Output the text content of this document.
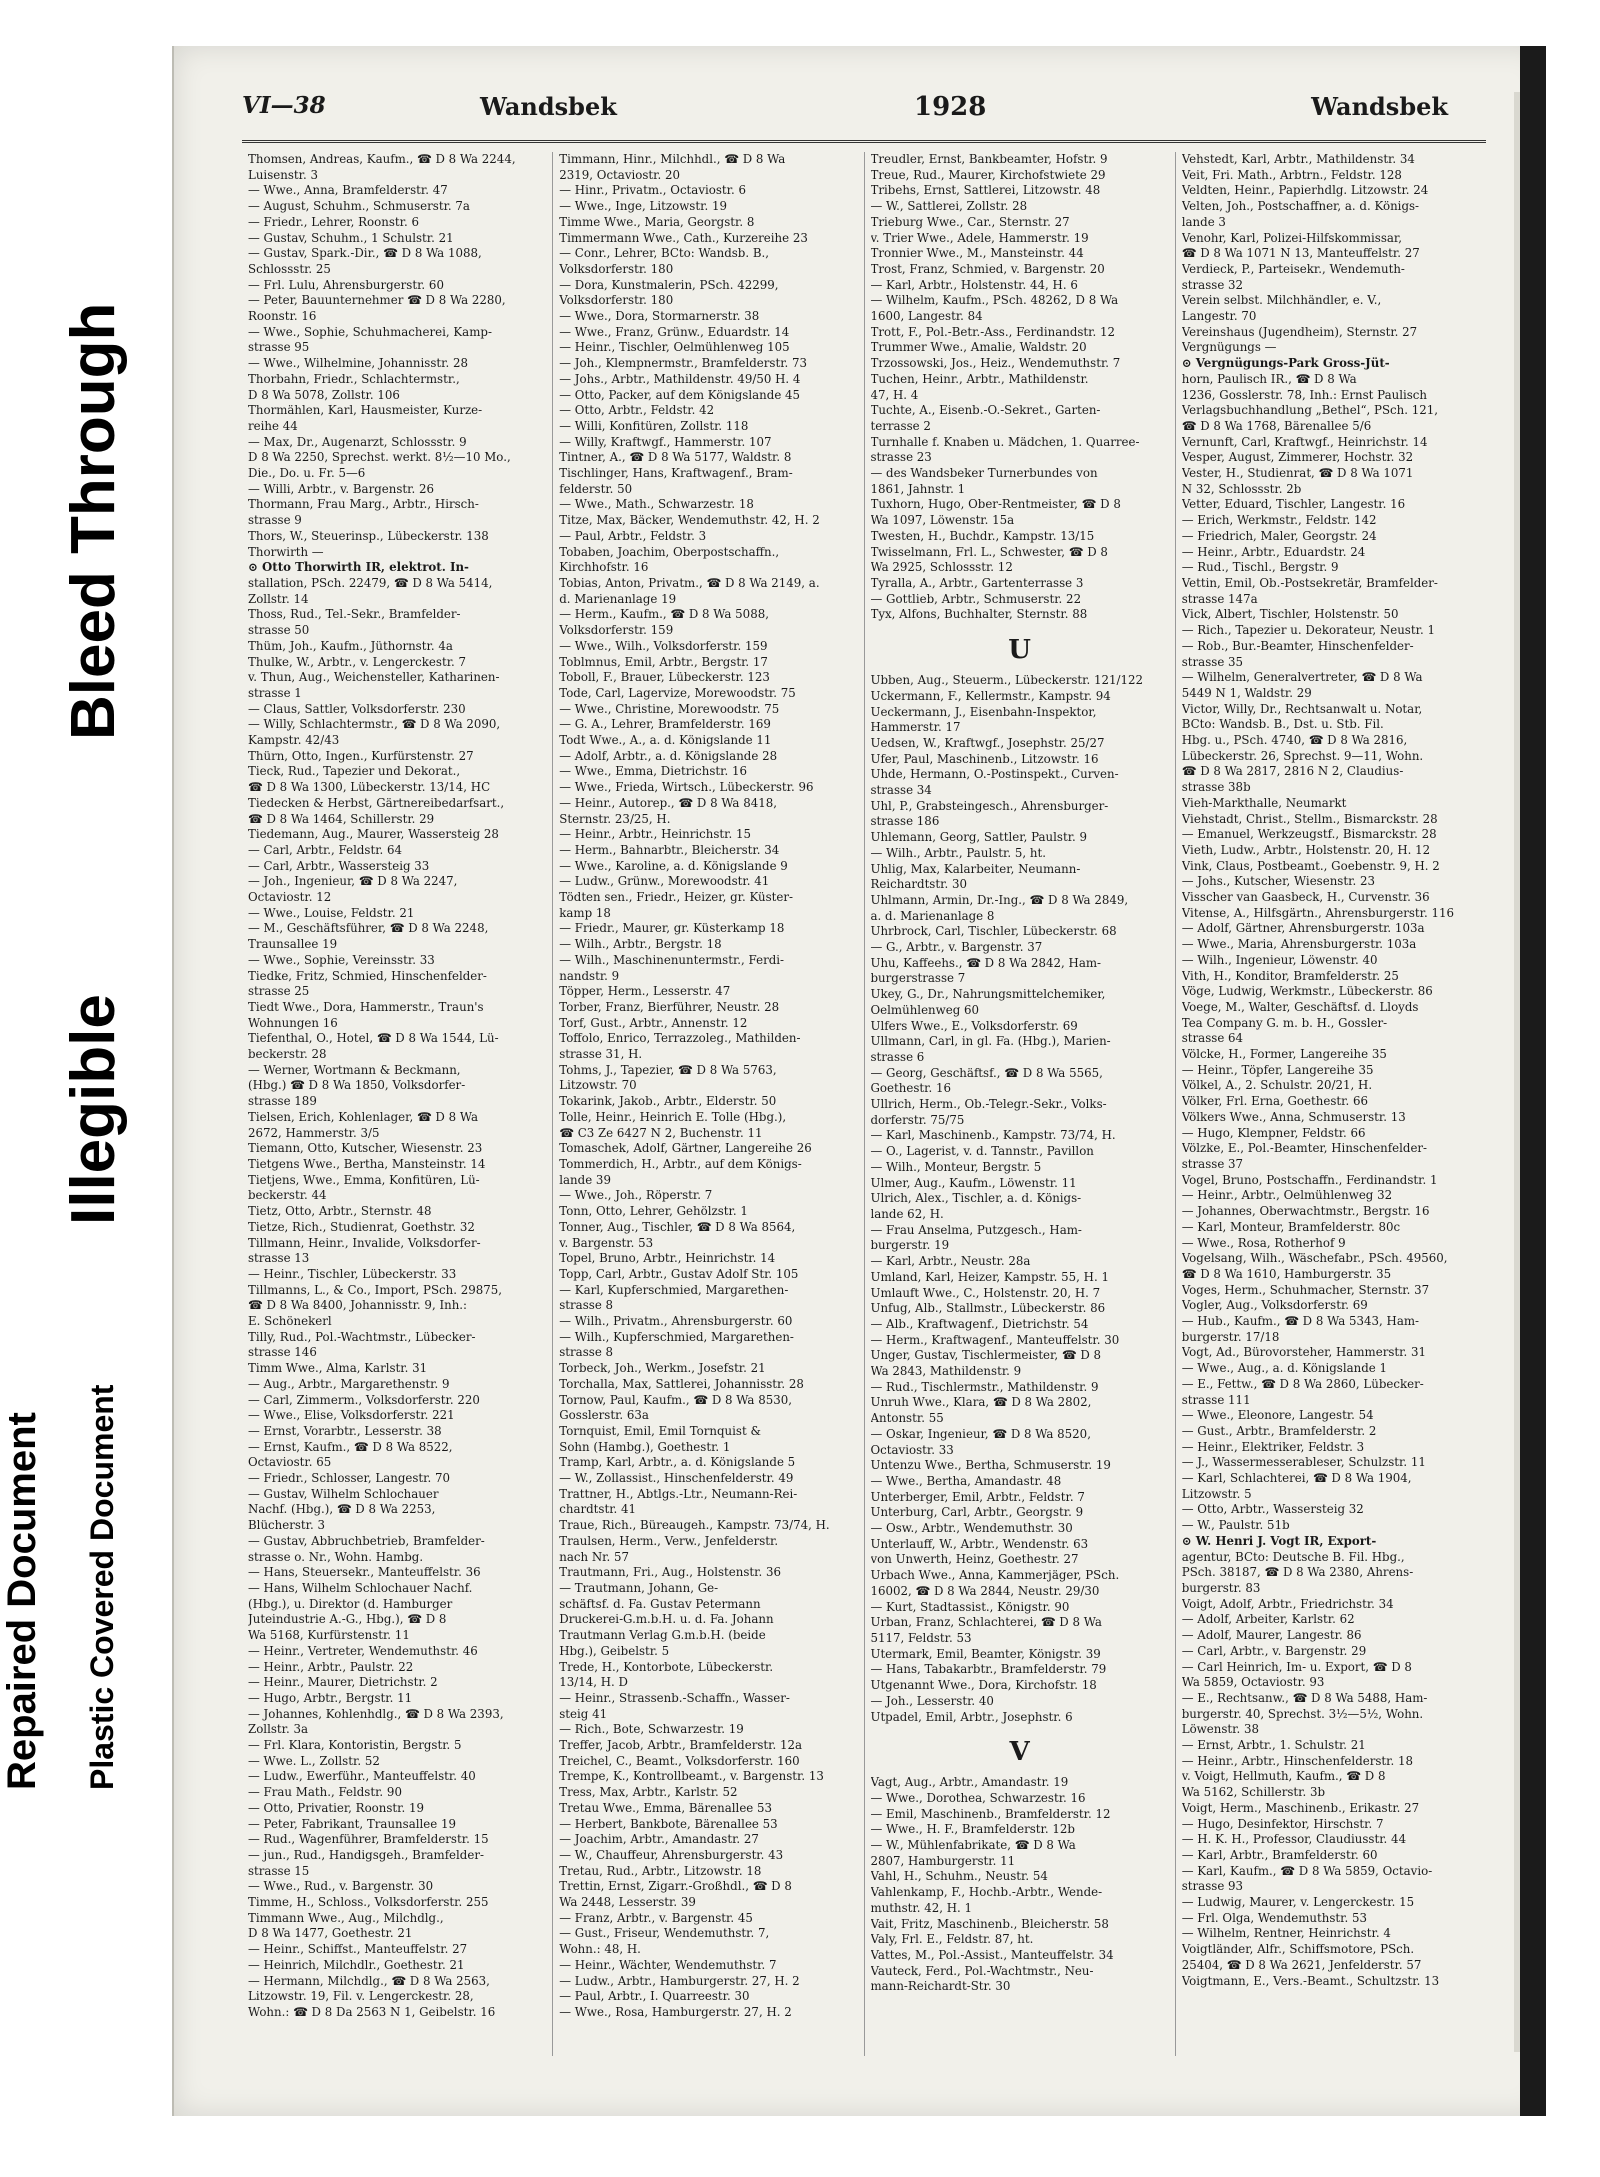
Bleed Through
Illegible
Repaired Document Plastic Covered Document
VI—38	Wandsbek	1928	Wandsbek
Thomsen, Andreas, Kaufm., ☎ D 8 Wa 2244,
Luisenstr. 3
— Wwe., Anna, Bramfelderstr. 47
— August, Schuhm., Schmuserstr. 7a
— Friedr., Lehrer, Roonstr. 6
— Gustav, Schuhm., 1 Schulstr. 21
— Gustav, Spark.-Dir., ☎ D 8 Wa 1088,
Schlossstr. 25
— Frl. Lulu, Ahrensburgerstr. 60
— Peter, Bauunternehmer ☎ D 8 Wa 2280,
Roonstr. 16
— Wwe., Sophie, Schuhmacherei, Kamp-
strasse 95
— Wwe., Wilhelmine, Johannisstr. 28
Thorbahn, Friedr., Schlachtermstr.,
D 8 Wa 5078, Zollstr. 106
Thormählen, Karl, Hausmeister, Kurze-
reihe 44
— Max, Dr., Augenarzt, Schlossstr. 9
D 8 Wa 2250, Sprechst. werkt. 8½—10 Mo.,
Die., Do. u. Fr. 5—6
— Willi, Arbtr., v. Bargenstr. 26
Thormann, Frau Marg., Arbtr., Hirsch-
strasse 9
Thors, W., Steuerinsp., Lübeckerstr. 138
Thorwirth —
⊙ Otto Thorwirth IR, elektrot. In-
stallation, PSch. 22479, ☎ D 8 Wa 5414,
Zollstr. 14
Thoss, Rud., Tel.-Sekr., Bramfelder-
strasse 50
Thüm, Joh., Kaufm., Jüthornstr. 4a
Thulke, W., Arbtr., v. Lengerckestr. 7
v. Thun, Aug., Weichensteller, Katharinen-
strasse 1
— Claus, Sattler, Volksdorferstr. 230
— Willy, Schlachtermstr., ☎ D 8 Wa 2090,
Kampstr. 42/43
Thürn, Otto, Ingen., Kurfürstenstr. 27
Tieck, Rud., Tapezier und Dekorat.,
☎ D 8 Wa 1300, Lübeckerstr. 13/14, HC
Tiedecken & Herbst, Gärtnereibedarfsart.,
☎ D 8 Wa 1464, Schillerstr. 29
Tiedemann, Aug., Maurer, Wassersteig 28
— Carl, Arbtr., Feldstr. 64
— Carl, Arbtr., Wassersteig 33
— Joh., Ingenieur, ☎ D 8 Wa 2247,
Octaviostr. 12
— Wwe., Louise, Feldstr. 21
— M., Geschäftsführer, ☎ D 8 Wa 2248,
Traunsallee 19
— Wwe., Sophie, Vereinsstr. 33
Tiedke, Fritz, Schmied, Hinschenfelder-
strasse 25
Tiedt Wwe., Dora, Hammerstr., Traun's
Wohnungen 16
Tiefenthal, O., Hotel, ☎ D 8 Wa 1544, Lü-
beckerstr. 28
— Werner, Wortmann & Beckmann,
(Hbg.) ☎ D 8 Wa 1850, Volksdorfer-
strasse 189
Tielsen, Erich, Kohlenlager, ☎ D 8 Wa
2672, Hammerstr. 3/5
Tiemann, Otto, Kutscher, Wiesenstr. 23
Tietgens Wwe., Bertha, Mansteinstr. 14
Tietjens, Wwe., Emma, Konfitüren, Lü-
beckerstr. 44
Tietz, Otto, Arbtr., Sternstr. 48
Tietze, Rich., Studienrat, Goethstr. 32
Tillmann, Heinr., Invalide, Volksdorfer-
strasse 13
— Heinr., Tischler, Lübeckerstr. 33
Tillmanns, L., & Co., Import, PSch. 29875,
☎ D 8 Wa 8400, Johannisstr. 9, Inh.:
E. Schönekerl
Tilly, Rud., Pol.-Wachtmstr., Lübecker-
strasse 146
Timm Wwe., Alma, Karlstr. 31
— Aug., Arbtr., Margarethenstr. 9
— Carl, Zimmerm., Volksdorferstr. 220
— Wwe., Elise, Volksdorferstr. 221
— Ernst, Vorarbtr., Lesserstr. 38
— Ernst, Kaufm., ☎ D 8 Wa 8522,
Octaviostr. 65
— Friedr., Schlosser, Langestr. 70
— Gustav, Wilhelm Schlochauer
Nachf. (Hbg.), ☎ D 8 Wa 2253,
Blücherstr. 3
— Gustav, Abbruchbetrieb, Bramfelder-
strasse o. Nr., Wohn. Hambg.
— Hans, Steuersekr., Manteuffelstr. 36
— Hans, Wilhelm Schlochauer Nachf.
(Hbg.), u. Direktor (d. Hamburger
Juteindustrie A.-G., Hbg.), ☎ D 8
Wa 5168, Kurfürstenstr. 11
— Heinr., Vertreter, Wendemuthstr. 46
— Heinr., Arbtr., Paulstr. 22
— Heinr., Maurer, Dietrichstr. 2
— Hugo, Arbtr., Bergstr. 11
— Johannes, Kohlenhdlg., ☎ D 8 Wa 2393,
Zollstr. 3a
— Frl. Klara, Kontoristin, Bergstr. 5
— Wwe. L., Zollstr. 52
— Ludw., Ewerführ., Manteuffelstr. 40
— Frau Math., Feldstr. 90
— Otto, Privatier, Roonstr. 19
— Peter, Fabrikant, Traunsallee 19
— Rud., Wagenführer, Bramfelderstr. 15
— jun., Rud., Handigsgeh., Bramfelder-
strasse 15
— Wwe., Rud., v. Bargenstr. 30
Timme, H., Schloss., Volksdorferstr. 255
Timmann Wwe., Aug., Milchdlg.,
D 8 Wa 1477, Goethestr. 21
— Heinr., Schiffst., Manteuffelstr. 27
— Heinrich, Milchdlr., Goethestr. 21
— Hermann, Milchdlg., ☎ D 8 Wa 2563,
Litzowstr. 19, Fil. v. Lengerckestr. 28,
Wohn.: ☎ D 8 Da 2563 N 1, Geibelstr. 16
Timmann, Hinr., Milchhdl., ☎ D 8 Wa
2319, Octaviostr. 20
— Hinr., Privatm., Octaviostr. 6
— Wwe., Inge, Litzowstr. 19
Timme Wwe., Maria, Georgstr. 8
Timmermann Wwe., Cath., Kurzereihe 23
— Conr., Lehrer, BCto: Wandsb. B.,
Volksdorferstr. 180
— Dora, Kunstmalerin, PSch. 42299,
Volksdorferstr. 180
— Wwe., Dora, Stormarnerstr. 38
— Wwe., Franz, Grünw., Eduardstr. 14
— Heinr., Tischler, Oelmühlenweg 105
— Joh., Klempnermstr., Bramfelderstr. 73
— Johs., Arbtr., Mathildenstr. 49/50 H. 4
— Otto, Packer, auf dem Königslande 45
— Otto, Arbtr., Feldstr. 42
— Willi, Konfitüren, Zollstr. 118
— Willy, Kraftwgf., Hammerstr. 107
Tintner, A., ☎ D 8 Wa 5177, Waldstr. 8
Tischlinger, Hans, Kraftwagenf., Bram-
felderstr. 50
— Wwe., Math., Schwarzestr. 18
Titze, Max, Bäcker, Wendemuthstr. 42, H. 2
— Paul, Arbtr., Feldstr. 3
Tobaben, Joachim, Oberpostschaffn.,
Kirchhofstr. 16
Tobias, Anton, Privatm., ☎ D 8 Wa 2149, a.
d. Marienanlage 19
— Herm., Kaufm., ☎ D 8 Wa 5088,
Volksdorferstr. 159
— Wwe., Wilh., Volksdorferstr. 159
Toblmnus, Emil, Arbtr., Bergstr. 17
Toboll, F., Brauer, Lübeckerstr. 123
Tode, Carl, Lagervize, Morewoodstr. 75
— Wwe., Christine, Morewoodstr. 75
— G. A., Lehrer, Bramfelderstr. 169
Todt Wwe., A., a. d. Königslande 11
— Adolf, Arbtr., a. d. Königslande 28
— Wwe., Emma, Dietrichstr. 16
— Wwe., Frieda, Wirtsch., Lübeckerstr. 96
— Heinr., Autorep., ☎ D 8 Wa 8418,
Sternstr. 23/25, H.
— Heinr., Arbtr., Heinrichstr. 15
— Herm., Bahnarbtr., Bleicherstr. 34
— Wwe., Karoline, a. d. Königslande 9
— Ludw., Grünw., Morewoodstr. 41
Tödten sen., Friedr., Heizer, gr. Küster-
kamp 18
— Friedr., Maurer, gr. Küsterkamp 18
— Wilh., Arbtr., Bergstr. 18
— Wilh., Maschinenuntermstr., Ferdi-
nandstr. 9
Töpper, Herm., Lesserstr. 47
Torber, Franz, Bierführer, Neustr. 28
Torf, Gust., Arbtr., Annenstr. 12
Toffolo, Enrico, Terrazzoleg., Mathilden-
strasse 31, H.
Tohms, J., Tapezier, ☎ D 8 Wa 5763,
Litzowstr. 70
Tokarink, Jakob., Arbtr., Elderstr. 50
Tolle, Heinr., Heinrich E. Tolle (Hbg.),
☎ C3 Ze 6427 N 2, Buchenstr. 11
Tomaschek, Adolf, Gärtner, Langereihe 26
Tommerdich, H., Arbtr., auf dem Königs-
lande 39
— Wwe., Joh., Röperstr. 7
Tonn, Otto, Lehrer, Gehölzstr. 1
Tonner, Aug., Tischler, ☎ D 8 Wa 8564,
v. Bargenstr. 53
Topel, Bruno, Arbtr., Heinrichstr. 14
Topp, Carl, Arbtr., Gustav Adolf Str. 105
— Karl, Kupferschmied, Margarethen-
strasse 8
— Wilh., Privatm., Ahrensburgerstr. 60
— Wilh., Kupferschmied, Margarethen-
strasse 8
Torbeck, Joh., Werkm., Josefstr. 21
Torchalla, Max, Sattlerei, Johannisstr. 28
Tornow, Paul, Kaufm., ☎ D 8 Wa 8530,
Gosslerstr. 63a
Tornquist, Emil, Emil Tornquist &
Sohn (Hambg.), Goethestr. 1
Tramp, Karl, Arbtr., a. d. Königslande 5
— W., Zollassist., Hinschenfelderstr. 49
Trattner, H., Abtlgs.-Ltr., Neumann-Rei-
chardtstr. 41
Traue, Rich., Büreaugeh., Kampstr. 73/74, H.
Traulsen, Herm., Verw., Jenfelderstr.
nach Nr. 57
Trautmann, Fri., Aug., Holstenstr. 36
— Trautmann, Johann, Ge-
schäftsf. d. Fa. Gustav Petermann
Druckerei-G.m.b.H. u. d. Fa. Johann
Trautmann Verlag G.m.b.H. (beide
Hbg.), Geibelstr. 5
Trede, H., Kontorbote, Lübeckerstr.
13/14, H. D
— Heinr., Strassenb.-Schaffn., Wasser-
steig 41
— Rich., Bote, Schwarzestr. 19
Treffer, Jacob, Arbtr., Bramfelderstr. 12a
Treichel, C., Beamt., Volksdorferstr. 160
Trempe, K., Kontrollbeamt., v. Bargenstr. 13
Tress, Max, Arbtr., Karlstr. 52
Tretau Wwe., Emma, Bärenallee 53
— Herbert, Bankbote, Bärenallee 53
— Joachim, Arbtr., Amandastr. 27
— W., Chauffeur, Ahrensburgerstr. 43
Tretau, Rud., Arbtr., Litzowstr. 18
Trettin, Ernst, Zigarr.-Großhdl., ☎ D 8
Wa 2448, Lesserstr. 39
— Franz, Arbtr., v. Bargenstr. 45
— Gust., Friseur, Wendemuthstr. 7,
Wohn.: 48, H.
— Heinr., Wächter, Wendemuthstr. 7
— Ludw., Arbtr., Hamburgerstr. 27, H. 2
— Paul, Arbtr., I. Quarreestr. 30
— Wwe., Rosa, Hamburgerstr. 27, H. 2
Treudler, Ernst, Bankbeamter, Hofstr. 9
Treue, Rud., Maurer, Kirchofstwiete 29
Tribehs, Ernst, Sattlerei, Litzowstr. 48
— W., Sattlerei, Zollstr. 28
Trieburg Wwe., Car., Sternstr. 27
v. Trier Wwe., Adele, Hammerstr. 19
Tronnier Wwe., M., Mansteinstr. 44
Trost, Franz, Schmied, v. Bargenstr. 20
— Karl, Arbtr., Holstenstr. 44, H. 6
— Wilhelm, Kaufm., PSch. 48262, D 8 Wa
1600, Langestr. 84
Trott, F., Pol.-Betr.-Ass., Ferdinandstr. 12
Trummer Wwe., Amalie, Waldstr. 20
Trzossowski, Jos., Heiz., Wendemuthstr. 7
Tuchen, Heinr., Arbtr., Mathildenstr.
47, H. 4
Tuchte, A., Eisenb.-O.-Sekret., Garten-
terrasse 2
Turnhalle f. Knaben u. Mädchen, 1. Quarree-
strasse 23
— des Wandsbeker Turnerbundes von
1861, Jahnstr. 1
Tuxhorn, Hugo, Ober-Rentmeister, ☎ D 8
Wa 1097, Löwenstr. 15a
Twesten, H., Buchdr., Kampstr. 13/15
Twisselmann, Frl. L., Schwester, ☎ D 8
Wa 2925, Schlossstr. 12
Tyralla, A., Arbtr., Gartenterrasse 3
— Gottlieb, Arbtr., Schmuserstr. 22
Tyx, Alfons, Buchhalter, Sternstr. 88
U
Ubben, Aug., Steuerm., Lübeckerstr. 121/122
Uckermann, F., Kellermstr., Kampstr. 94
Ueckermann, J., Eisenbahn-Inspektor,
Hammerstr. 17
Uedsen, W., Kraftwgf., Josephstr. 25/27
Ufer, Paul, Maschinenb., Litzowstr. 16
Uhde, Hermann, O.-Postinspekt., Curven-
strasse 34
Uhl, P., Grabsteingesch., Ahrensburger-
strasse 186
Uhlemann, Georg, Sattler, Paulstr. 9
— Wilh., Arbtr., Paulstr. 5, ht.
Uhlig, Max, Kalarbeiter, Neumann-
Reichardtstr. 30
Uhlmann, Armin, Dr.-Ing., ☎ D 8 Wa 2849,
a. d. Marienanlage 8
Uhrbrock, Carl, Tischler, Lübeckerstr. 68
— G., Arbtr., v. Bargenstr. 37
Uhu, Kaffeehs., ☎ D 8 Wa 2842, Ham-
burgerstrasse 7
Ukey, G., Dr., Nahrungsmittelchemiker,
Oelmühlenweg 60
Ulfers Wwe., E., Volksdorferstr. 69
Ullmann, Carl, in gl. Fa. (Hbg.), Marien-
strasse 6
— Georg, Geschäftsf., ☎ D 8 Wa 5565,
Goethestr. 16
Ullrich, Herm., Ob.-Telegr.-Sekr., Volks-
dorferstr. 75/75
— Karl, Maschinenb., Kampstr. 73/74, H.
— O., Lagerist, v. d. Tannstr., Pavillon
— Wilh., Monteur, Bergstr. 5
Ulmer, Aug., Kaufm., Löwenstr. 11
Ulrich, Alex., Tischler, a. d. Königs-
lande 62, H.
— Frau Anselma, Putzgesch., Ham-
burgerstr. 19
— Karl, Arbtr., Neustr. 28a
Umland, Karl, Heizer, Kampstr. 55, H. 1
Umlauft Wwe., C., Holstenstr. 20, H. 7
Unfug, Alb., Stallmstr., Lübeckerstr. 86
— Alb., Kraftwagenf., Dietrichstr. 54
— Herm., Kraftwagenf., Manteuffelstr. 30
Unger, Gustav, Tischlermeister, ☎ D 8
Wa 2843, Mathildenstr. 9
— Rud., Tischlermstr., Mathildenstr. 9
Unruh Wwe., Klara, ☎ D 8 Wa 2802,
Antonstr. 55
— Oskar, Ingenieur, ☎ D 8 Wa 8520,
Octaviostr. 33
Untenzu Wwe., Bertha, Schmuserstr. 19
— Wwe., Bertha, Amandastr. 48
Unterberger, Emil, Arbtr., Feldstr. 7
Unterburg, Carl, Arbtr., Georgstr. 9
— Osw., Arbtr., Wendemuthstr. 30
Unterlauff, W., Arbtr., Wendenstr. 63
von Unwerth, Heinz, Goethestr. 27
Urbach Wwe., Anna, Kammerjäger, PSch.
16002, ☎ D 8 Wa 2844, Neustr. 29/30
— Kurt, Stadtassist., Königstr. 90
Urban, Franz, Schlachterei, ☎ D 8 Wa
5117, Feldstr. 53
Utermark, Emil, Beamter, Königstr. 39
— Hans, Tabakarbtr., Bramfelderstr. 79
Utgenannt Wwe., Dora, Kirchofstr. 18
— Joh., Lesserstr. 40
Utpadel, Emil, Arbtr., Josephstr. 6
V
Vagt, Aug., Arbtr., Amandastr. 19
— Wwe., Dorothea, Schwarzestr. 16
— Emil, Maschinenb., Bramfelderstr. 12
— Wwe., H. F., Bramfelderstr. 12b
— W., Mühlenfabrikate, ☎ D 8 Wa
2807, Hamburgerstr. 11
Vahl, H., Schuhm., Neustr. 54
Vahlenkamp, F., Hochb.-Arbtr., Wende-
muthstr. 42, H. 1
Vait, Fritz, Maschinenb., Bleicherstr. 58
Valy, Frl. E., Feldstr. 87, ht.
Vattes, M., Pol.-Assist., Manteuffelstr. 34
Vauteck, Ferd., Pol.-Wachtmstr., Neu-
mann-Reichardt-Str. 30
Vehstedt, Karl, Arbtr., Mathildenstr. 34
Veit, Fri. Math., Arbtrn., Feldstr. 128
Veldten, Heinr., Papierhdlg. Litzowstr. 24
Velten, Joh., Postschaffner, a. d. Königs-
lande 3
Venohr, Karl, Polizei-Hilfskommissar,
☎ D 8 Wa 1071 N 13, Manteuffelstr. 27
Verdieck, P., Parteisekr., Wendemuth-
strasse 32
Verein selbst. Milchhändler, e. V.,
Langestr. 70
Vereinshaus (Jugendheim), Sternstr. 27
Vergnügungs —
⊙ Vergnügungs-Park Gross-Jüt-
horn, Paulisch IR., ☎ D 8 Wa
1236, Gosslerstr. 78, Inh.: Ernst Paulisch
Verlagsbuchhandlung „Bethel“, PSch. 121,
☎ D 8 Wa 1768, Bärenallee 5/6
Vernunft, Carl, Kraftwgf., Heinrichstr. 14
Vesper, August, Zimmerer, Hochstr. 32
Vester, H., Studienrat, ☎ D 8 Wa 1071
N 32, Schlossstr. 2b
Vetter, Eduard, Tischler, Langestr. 16
— Erich, Werkmstr., Feldstr. 142
— Friedrich, Maler, Georgstr. 24
— Heinr., Arbtr., Eduardstr. 24
— Rud., Tischl., Bergstr. 9
Vettin, Emil, Ob.-Postsekretär, Bramfelder-
strasse 147a
Vick, Albert, Tischler, Holstenstr. 50
— Rich., Tapezier u. Dekorateur, Neustr. 1
— Rob., Bur.-Beamter, Hinschenfelder-
strasse 35
— Wilhelm, Generalvertreter, ☎ D 8 Wa
5449 N 1, Waldstr. 29
Victor, Willy, Dr., Rechtsanwalt u. Notar,
BCto: Wandsb. B., Dst. u. Stb. Fil.
Hbg. u., PSch. 4740, ☎ D 8 Wa 2816,
Lübeckerstr. 26, Sprechst. 9—11, Wohn.
☎ D 8 Wa 2817, 2816 N 2, Claudius-
strasse 38b
Vieh-Markthalle, Neumarkt
Viehstadt, Christ., Stellm., Bismarckstr. 28
— Emanuel, Werkzeugstf., Bismarckstr. 28
Vieth, Ludw., Arbtr., Holstenstr. 20, H. 12
Vink, Claus, Postbeamt., Goebenstr. 9, H. 2
— Johs., Kutscher, Wiesenstr. 23
Visscher van Gaasbeck, H., Curvenstr. 36
Vitense, A., Hilfsgärtn., Ahrensburgerstr. 116
— Adolf, Gärtner, Ahrensburgerstr. 103a
— Wwe., Maria, Ahrensburgerstr. 103a
— Wilh., Ingenieur, Löwenstr. 40
Vith, H., Konditor, Bramfelderstr. 25
Vöge, Ludwig, Werkmstr., Lübeckerstr. 86
Voege, M., Walter, Geschäftsf. d. Lloyds
Tea Company G. m. b. H., Gossler-
strasse 64
Völcke, H., Former, Langereihe 35
— Heinr., Töpfer, Langereihe 35
Völkel, A., 2. Schulstr. 20/21, H.
Völker, Frl. Erna, Goethestr. 66
Völkers Wwe., Anna, Schmuserstr. 13
— Hugo, Klempner, Feldstr. 66
Völzke, E., Pol.-Beamter, Hinschenfelder-
strasse 37
Vogel, Bruno, Postschaffn., Ferdinandstr. 1
— Heinr., Arbtr., Oelmühlenweg 32
— Johannes, Oberwachtmstr., Bergstr. 16
— Karl, Monteur, Bramfelderstr. 80c
— Wwe., Rosa, Rotherhof 9
Vogelsang, Wilh., Wäschefabr., PSch. 49560,
☎ D 8 Wa 1610, Hamburgerstr. 35
Voges, Herm., Schuhmacher, Sternstr. 37
Vogler, Aug., Volksdorferstr. 69
— Hub., Kaufm., ☎ D 8 Wa 5343, Ham-
burgerstr. 17/18
Vogt, Ad., Bürovorsteher, Hammerstr. 31
— Wwe., Aug., a. d. Königslande 1
— E., Fettw., ☎ D 8 Wa 2860, Lübecker-
strasse 111
— Wwe., Eleonore, Langestr. 54
— Gust., Arbtr., Bramfelderstr. 2
— Heinr., Elektriker, Feldstr. 3
— J., Wassermesserableser, Schulzstr. 11
— Karl, Schlachterei, ☎ D 8 Wa 1904,
Litzowstr. 5
— Otto, Arbtr., Wassersteig 32
— W., Paulstr. 51b
⊙ W. Henri J. Vogt IR, Export-
agentur, BCto: Deutsche B. Fil. Hbg.,
PSch. 38187, ☎ D 8 Wa 2380, Ahrens-
burgerstr. 83
Voigt, Adolf, Arbtr., Friedrichstr. 34
— Adolf, Arbeiter, Karlstr. 62
— Adolf, Maurer, Langestr. 86
— Carl, Arbtr., v. Bargenstr. 29
— Carl Heinrich, Im- u. Export, ☎ D 8
Wa 5859, Octaviostr. 93
— E., Rechtsanw., ☎ D 8 Wa 5488, Ham-
burgerstr. 40, Sprechst. 3½—5½, Wohn.
Löwenstr. 38
— Ernst, Arbtr., 1. Schulstr. 21
— Heinr., Arbtr., Hinschenfelderstr. 18
v. Voigt, Hellmuth, Kaufm., ☎ D 8
Wa 5162, Schillerstr. 3b
Voigt, Herm., Maschinenb., Erikastr. 27
— Hugo, Desinfektor, Hirschstr. 7
— H. K. H., Professor, Claudiusstr. 44
— Karl, Arbtr., Bramfelderstr. 60
— Karl, Kaufm., ☎ D 8 Wa 5859, Octavio-
strasse 93
— Ludwig, Maurer, v. Lengerckestr. 15
— Frl. Olga, Wendemuthstr. 53
— Wilhelm, Rentner, Heinrichstr. 4
Voigtländer, Alfr., Schiffsmotore, PSch.
25404, ☎ D 8 Wa 2621, Jenfelderstr. 57
Voigtmann, E., Vers.-Beamt., Schultzstr. 13
